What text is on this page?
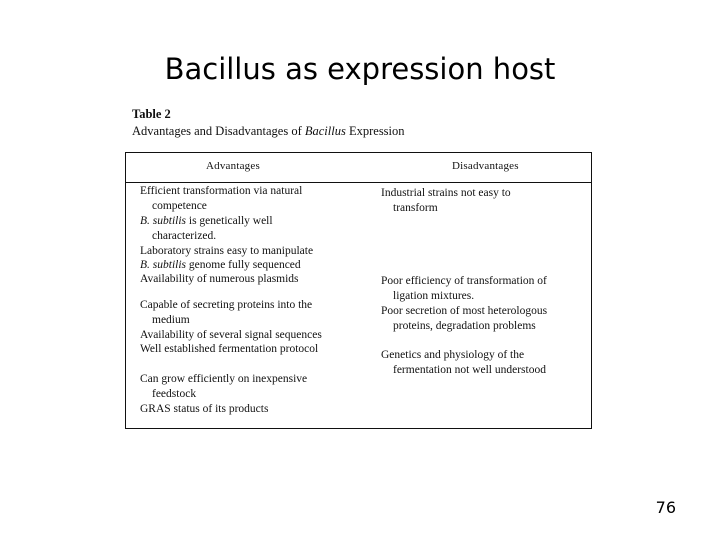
Bacillus as expression host
Table 2
Advantages and Disadvantages of Bacillus Expression
Advantages	Disadvantages
Efficient transformation via natural
competence
B. subtilis is genetically well
characterized.
Laboratory strains easy to manipulate
B. subtilis genome fully sequenced
Availability of numerous plasmids
Capable of secreting proteins into the
medium
Availability of several signal sequences
Well established fermentation protocol
Can grow efficiently on inexpensive
feedstock
GRAS status of its products
Industrial strains not easy to
transform
Poor efficiency of transformation of
ligation mixtures.
Poor secretion of most heterologous
proteins, degradation problems
Genetics and physiology of the
fermentation not well understood
76
